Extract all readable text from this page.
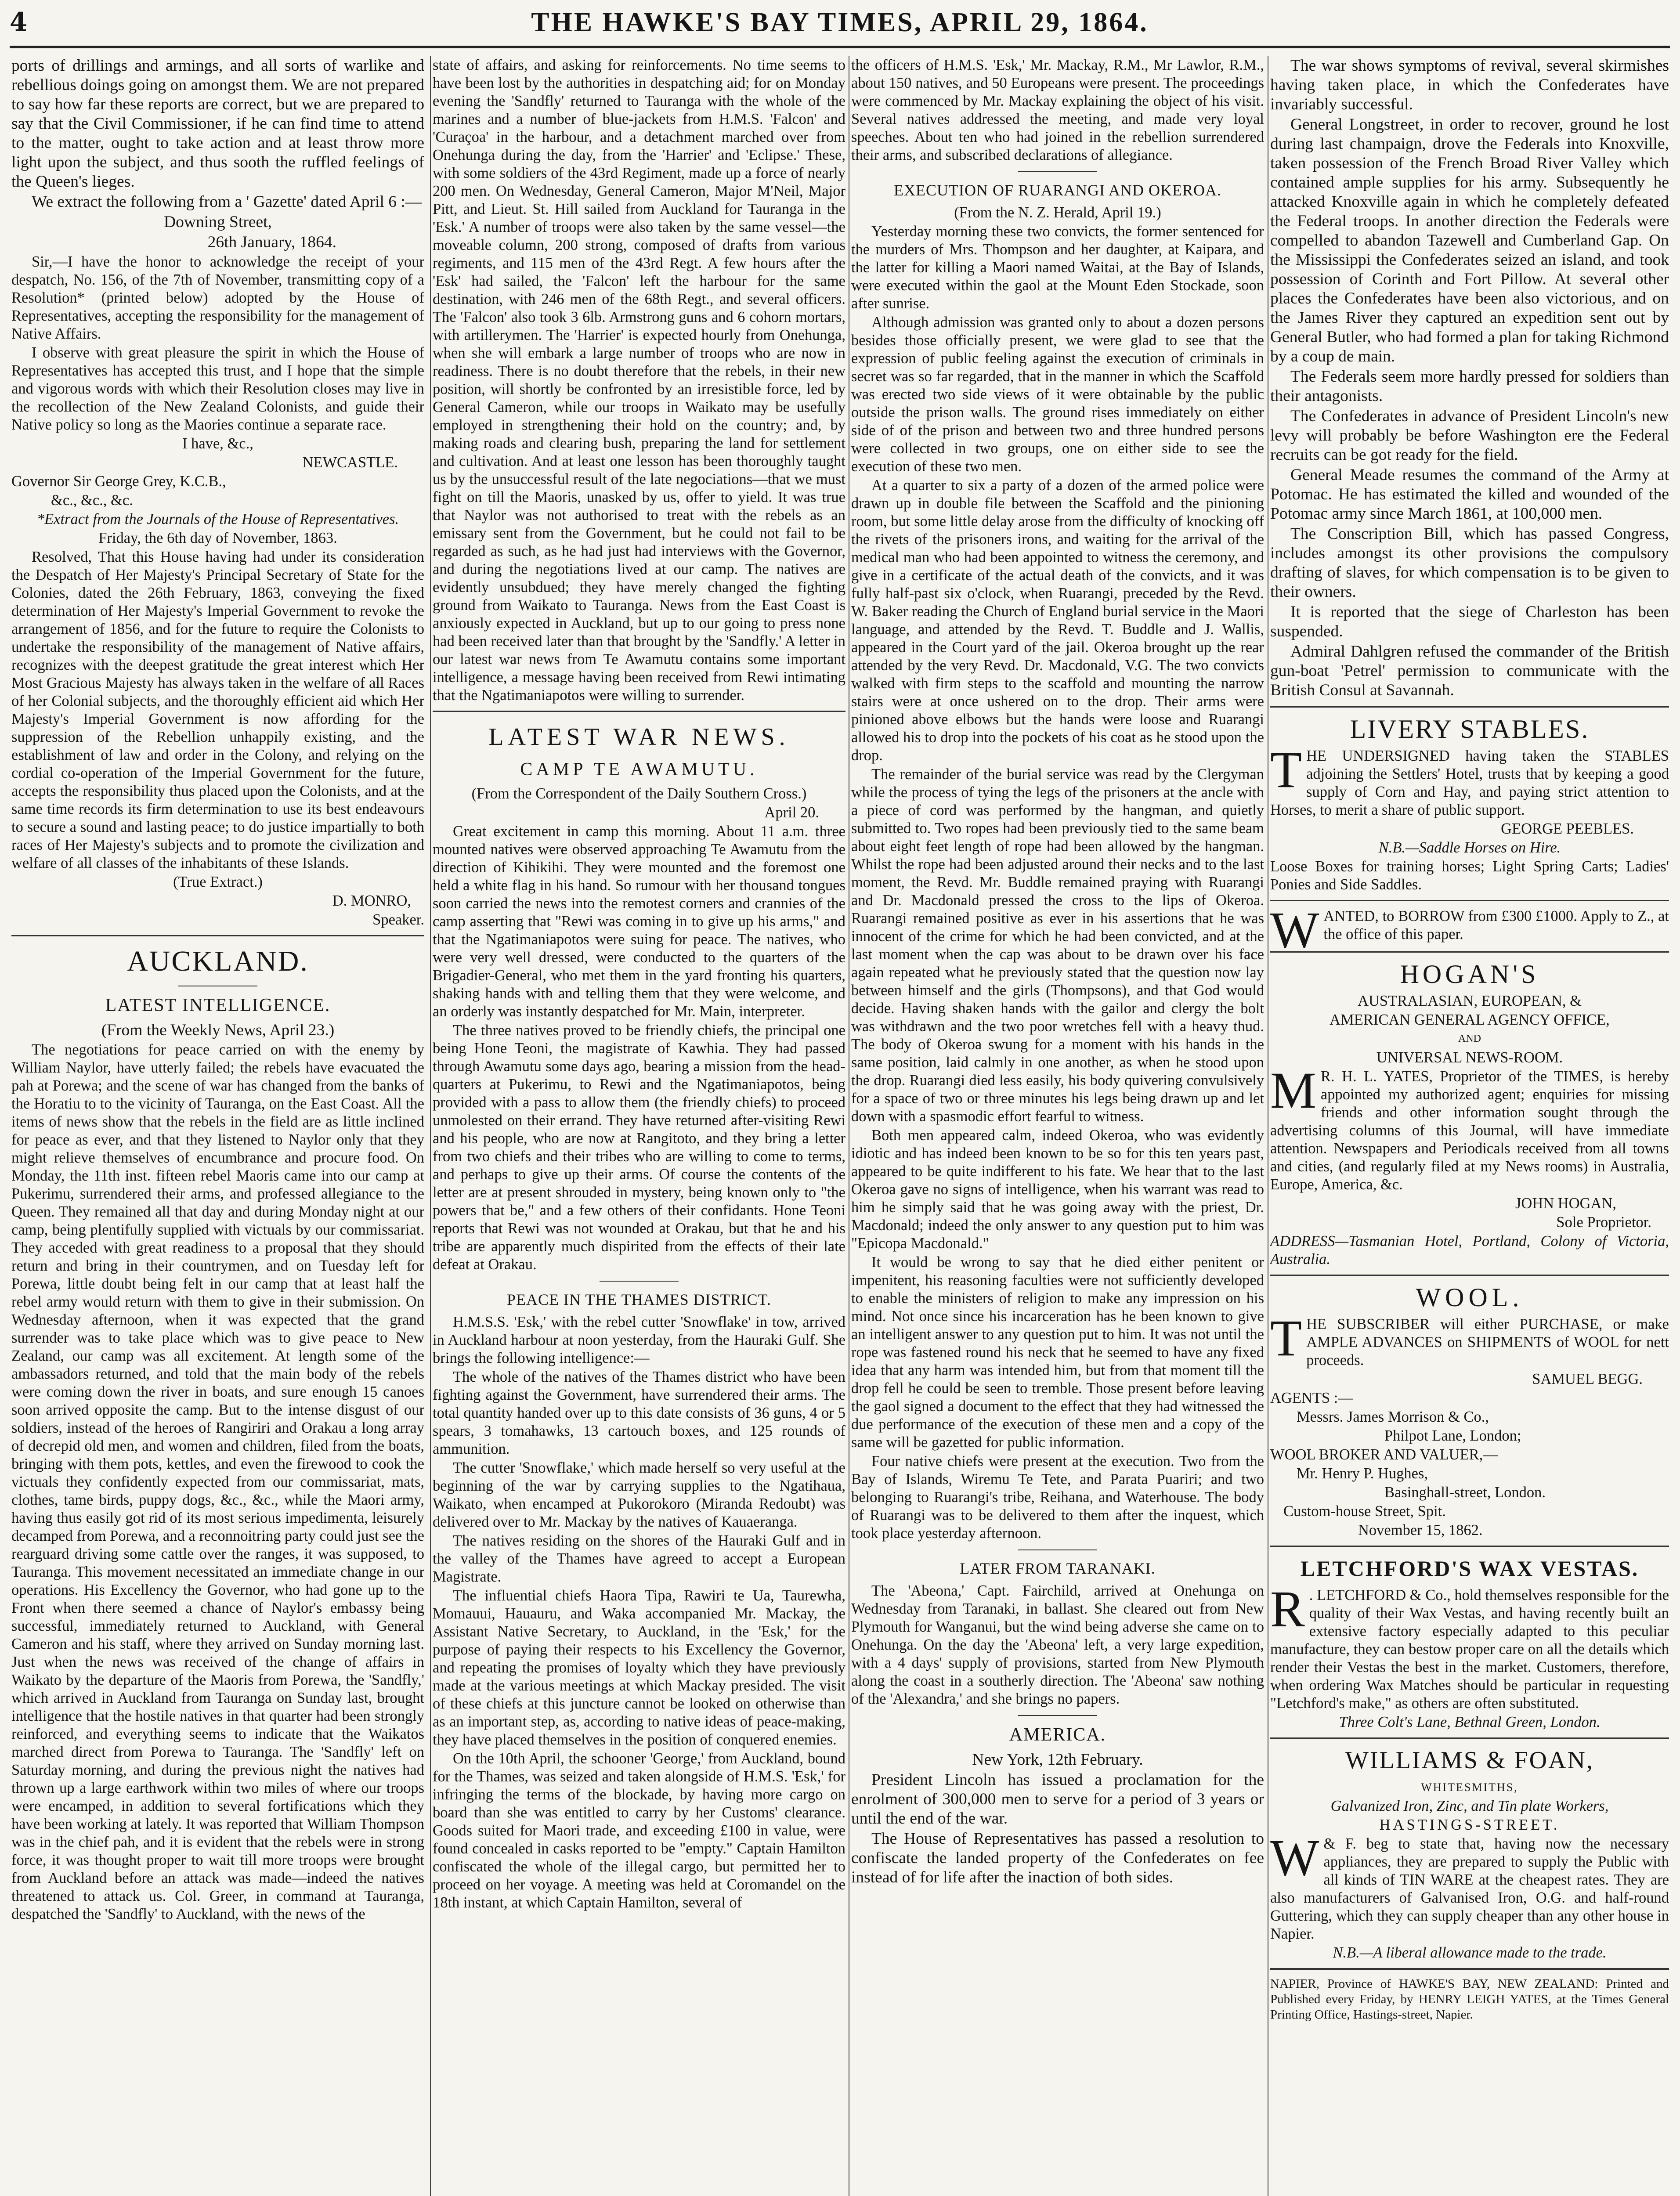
4	THE HAWKE'S BAY TIMES, APRIL 29, 1864.

ports of drillings and armings, and all sorts of warlike and rebellious doings going on amongst them. We are not prepared to say how far these reports are correct, but we are prepared to say that the Civil Commissioner, if he can find time to attend to the matter, ought to take action and at least throw more light upon the subject, and thus sooth the ruffled feelings of the Queen's lieges.

We extract the following from a ' Gazette' dated April 6 :—

Downing Street,

26th January, 1864.

Sir,—I have the honor to acknowledge the receipt of your despatch, No. 156, of the 7th of November, transmitting copy of a Resolution* (printed below) adopted by the House of Representatives, accepting the responsibility for the management of Native Affairs.

I observe with great pleasure the spirit in which the House of Representatives has accepted this trust, and I hope that the simple and vigorous words with which their Resolution closes may live in the recollection of the New Zealand Colonists, and guide their Native policy so long as the Maories continue a separate race.

I have, &c.,

NEWCASTLE.

Governor Sir George Grey, K.C.B.,

&c., &c., &c.

*Extract from the Journals of the House of Representatives.

Friday, the 6th day of November, 1863.

Resolved, That this House having had under its consideration the Despatch of Her Majesty's Principal Secretary of State for the Colonies, dated the 26th February, 1863, conveying the fixed determination of Her Majesty's Imperial Government to revoke the arrangement of 1856, and for the future to require the Colonists to undertake the responsibility of the management of Native affairs, recognizes with the deepest gratitude the great interest which Her Most Gracious Majesty has always taken in the welfare of all Races of her Colonial subjects, and the thoroughly efficient aid which Her Majesty's Imperial Government is now affording for the suppression of the Rebellion unhappily existing, and the establishment of law and order in the Colony, and relying on the cordial co-operation of the Imperial Government for the future, accepts the responsibility thus placed upon the Colonists, and at the same time records its firm determination to use its best endeavours to secure a sound and lasting peace; to do justice impartially to both races of Her Majesty's subjects and to promote the civilization and welfare of all classes of the inhabitants of these Islands.

(True Extract.)

D. MONRO,

Speaker.

AUCKLAND.
LATEST INTELLIGENCE.

(From the Weekly News, April 23.)

The negotiations for peace carried on with the enemy by William Naylor, have utterly failed; the rebels have evacuated the pah at Porewa; and the scene of war has changed from the banks of the Horatiu to to the vicinity of Tauranga, on the East Coast. All the items of news show that the rebels in the field are as little inclined for peace as ever, and that they listened to Naylor only that they might relieve themselves of encumbrance and procure food. On Monday, the 11th inst. fifteen rebel Maoris came into our camp at Pukerimu, surrendered their arms, and professed allegiance to the Queen. They remained all that day and during Monday night at our camp, being plentifully supplied with victuals by our commissariat. They acceded with great readiness to a proposal that they should return and bring in their countrymen, and on Tuesday left for Porewa, little doubt being felt in our camp that at least half the rebel army would return with them to give in their submission. On Wednesday afternoon, when it was expected that the grand surrender was to take place which was to give peace to New Zealand, our camp was all excitement. At length some of the ambassadors returned, and told that the main body of the rebels were coming down the river in boats, and sure enough 15 canoes soon arrived opposite the camp. But to the intense disgust of our soldiers, instead of the heroes of Rangiriri and Orakau a long array of decrepid old men, and women and children, filed from the boats, bringing with them pots, kettles, and even the firewood to cook the victuals they confidently expected from our commissariat, mats, clothes, tame birds, puppy dogs, &c., &c., while the Maori army, having thus easily got rid of its most serious impedimenta, leisurely decamped from Porewa, and a reconnoitring party could just see the rearguard driving some cattle over the ranges, it was supposed, to Tauranga. This movement necessitated an immediate change in our operations. His Excellency the Governor, who had gone up to the Front when there seemed a chance of Naylor's embassy being successful, immediately returned to Auckland, with General Cameron and his staff, where they arrived on Sunday morning last. Just when the news was received of the change of affairs in Waikato by the departure of the Maoris from Porewa, the 'Sandfly,' which arrived in Auckland from Tauranga on Sunday last, brought intelligence that the hostile natives in that quarter had been strongly reinforced, and everything seems to indicate that the Waikatos marched direct from Porewa to Tauranga. The 'Sandfly' left on Saturday morning, and during the previous night the natives had thrown up a large earthwork within two miles of where our troops were encamped, in addition to several fortifications which they have been working at lately. It was reported that William Thompson was in the chief pah, and it is evident that the rebels were in strong force, it was thought proper to wait till more troops were brought from Auckland before an attack was made—indeed the natives threatened to attack us. Col. Greer, in command at Tauranga, despatched the 'Sandfly' to Auckland, with the news of the

state of affairs, and asking for reinforcements. No time seems to have been lost by the authorities in despatching aid; for on Monday evening the 'Sandfly' returned to Tauranga with the whole of the marines and a number of blue-jackets from H.M.S. 'Falcon' and 'Curaçoa' in the harbour, and a detachment marched over from Onehunga during the day, from the 'Harrier' and 'Eclipse.' These, with some soldiers of the 43rd Regiment, made up a force of nearly 200 men. On Wednesday, General Cameron, Major M'Neil, Major Pitt, and Lieut. St. Hill sailed from Auckland for Tauranga in the 'Esk.' A number of troops were also taken by the same vessel—the moveable column, 200 strong, composed of drafts from various regiments, and 115 men of the 43rd Regt. A few hours after the 'Esk' had sailed, the 'Falcon' left the harbour for the same destination, with 246 men of the 68th Regt., and several officers. The 'Falcon' also took 3 6lb. Armstrong guns and 6 cohorn mortars, with artillerymen. The 'Harrier' is expected hourly from Onehunga, when she will embark a large number of troops who are now in readiness. There is no doubt therefore that the rebels, in their new position, will shortly be confronted by an irresistible force, led by General Cameron, while our troops in Waikato may be usefully employed in strengthening their hold on the country; and, by making roads and clearing bush, preparing the land for settlement and cultivation. And at least one lesson has been thoroughly taught us by the unsuccessful result of the late negociations—that we must fight on till the Maoris, unasked by us, offer to yield. It was true that Naylor was not authorised to treat with the rebels as an emissary sent from the Government, but he could not fail to be regarded as such, as he had just had interviews with the Governor, and during the negotiations lived at our camp. The natives are evidently unsubdued; they have merely changed the fighting ground from Waikato to Tauranga. News from the East Coast is anxiously expected in Auckland, but up to our going to press none had been received later than that brought by the 'Sandfly.' A letter in our latest war news from Te Awamutu contains some important intelligence, a message having been received from Rewi intimating that the Ngatimaniapotos were willing to surrender.

LATEST WAR NEWS.
CAMP TE AWAMUTU.

(From the Correspondent of the Daily Southern Cross.)

April 20.

Great excitement in camp this morning. About 11 a.m. three mounted natives were observed approaching Te Awamutu from the direction of Kihikihi. They were mounted and the foremost one held a white flag in his hand. So rumour with her thousand tongues soon carried the news into the remotest corners and crannies of the camp asserting that "Rewi was coming in to give up his arms," and that the Ngatimaniapotos were suing for peace. The natives, who were very well dressed, were conducted to the quarters of the Brigadier-General, who met them in the yard fronting his quarters, shaking hands with and telling them that they were welcome, and an orderly was instantly despatched for Mr. Main, interpreter.

The three natives proved to be friendly chiefs, the principal one being Hone Teoni, the magistrate of Kawhia. They had passed through Awamutu some days ago, bearing a mission from the head-quarters at Pukerimu, to Rewi and the Ngatimaniapotos, being provided with a pass to allow them (the friendly chiefs) to proceed unmolested on their errand. They have returned after-visiting Rewi and his people, who are now at Rangitoto, and they bring a letter from two chiefs and their tribes who are willing to come to terms, and perhaps to give up their arms. Of course the contents of the letter are at present shrouded in mystery, being known only to "the powers that be," and a few others of their confidants. Hone Teoni reports that Rewi was not wounded at Orakau, but that he and his tribe are apparently much dispirited from the effects of their late defeat at Orakau.

PEACE IN THE THAMES DISTRICT.

H.M.S.S. 'Esk,' with the rebel cutter 'Snowflake' in tow, arrived in Auckland harbour at noon yesterday, from the Hauraki Gulf. She brings the following intelligence:—

The whole of the natives of the Thames district who have been fighting against the Government, have surrendered their arms. The total quantity handed over up to this date consists of 36 guns, 4 or 5 spears, 3 tomahawks, 13 cartouch boxes, and 125 rounds of ammunition.

The cutter 'Snowflake,' which made herself so very useful at the beginning of the war by carrying supplies to the Ngatihaua, Waikato, when encamped at Pukorokoro (Miranda Redoubt) was delivered over to Mr. Mackay by the natives of Kauaeranga.

The natives residing on the shores of the Hauraki Gulf and in the valley of the Thames have agreed to accept a European Magistrate.

The influential chiefs Haora Tipa, Rawiri te Ua, Taurewha, Momauui, Hauauru, and Waka accompanied Mr. Mackay, the Assistant Native Secretary, to Auckland, in the 'Esk,' for the purpose of paying their respects to his Excellency the Governor, and repeating the promises of loyalty which they have previously made at the various meetings at which Mackay presided. The visit of these chiefs at this juncture cannot be looked on otherwise than as an important step, as, according to native ideas of peace-making, they have placed themselves in the position of conquered enemies.

On the 10th April, the schooner 'George,' from Auckland, bound for the Thames, was seized and taken alongside of H.M.S. 'Esk,' for infringing the terms of the blockade, by having more cargo on board than she was entitled to carry by her Customs' clearance. Goods suited for Maori trade, and exceeding £100 in value, were found concealed in casks reported to be "empty." Captain Hamilton confiscated the whole of the illegal cargo, but permitted her to proceed on her voyage. A meeting was held at Coromandel on the 18th instant, at which Captain Hamilton, several of

the officers of H.M.S. 'Esk,' Mr. Mackay, R.M., Mr Lawlor, R.M., about 150 natives, and 50 Europeans were present. The proceedings were commenced by Mr. Mackay explaining the object of his visit. Several natives addressed the meeting, and made very loyal speeches. About ten who had joined in the rebellion surrendered their arms, and subscribed declarations of allegiance.

EXECUTION OF RUARANGI AND OKEROA.

(From the N. Z. Herald, April 19.)

Yesterday morning these two convicts, the former sentenced for the murders of Mrs. Thompson and her daughter, at Kaipara, and the latter for killing a Maori named Waitai, at the Bay of Islands, were executed within the gaol at the Mount Eden Stockade, soon after sunrise.

Although admission was granted only to about a dozen persons besides those officially present, we were glad to see that the expression of public feeling against the execution of criminals in secret was so far regarded, that in the manner in which the Scaffold was erected two side views of it were obtainable by the public outside the prison walls. The ground rises immediately on either side of of the prison and between two and three hundred persons were collected in two groups, one on either side to see the execution of these two men.

At a quarter to six a party of a dozen of the armed police were drawn up in double file between the Scaffold and the pinioning room, but some little delay arose from the difficulty of knocking off the rivets of the prisoners irons, and waiting for the arrival of the medical man who had been appointed to witness the ceremony, and give in a certificate of the actual death of the convicts, and it was fully half-past six o'clock, when Ruarangi, preceded by the Revd. W. Baker reading the Church of England burial service in the Maori language, and attended by the Revd. T. Buddle and J. Wallis, appeared in the Court yard of the jail. Okeroa brought up the rear attended by the very Revd. Dr. Macdonald, V.G. The two convicts walked with firm steps to the scaffold and mounting the narrow stairs were at once ushered on to the drop. Their arms were pinioned above elbows but the hands were loose and Ruarangi allowed his to drop into the pockets of his coat as he stood upon the drop.

The remainder of the burial service was read by the Clergyman while the process of tying the legs of the prisoners at the ancle with a piece of cord was performed by the hangman, and quietly submitted to. Two ropes had been previously tied to the same beam about eight feet length of rope had been allowed by the hangman. Whilst the rope had been adjusted around their necks and to the last moment, the Revd. Mr. Buddle remained praying with Ruarangi and Dr. Macdonald pressed the cross to the lips of Okeroa. Ruarangi remained positive as ever in his assertions that he was innocent of the crime for which he had been convicted, and at the last moment when the cap was about to be drawn over his face again repeated what he previously stated that the question now lay between himself and the girls (Thompsons), and that God would decide. Having shaken hands with the gailor and clergy the bolt was withdrawn and the two poor wretches fell with a heavy thud. The body of Okeroa swung for a moment with his hands in the same position, laid calmly in one another, as when he stood upon the drop. Ruarangi died less easily, his body quivering convulsively for a space of two or three minutes his legs being drawn up and let down with a spasmodic effort fearful to witness.

Both men appeared calm, indeed Okeroa, who was evidently idiotic and has indeed been known to be so for this ten years past, appeared to be quite indifferent to his fate. We hear that to the last Okeroa gave no signs of intelligence, when his warrant was read to him he simply said that he was going away with the priest, Dr. Macdonald; indeed the only answer to any question put to him was "Epicopa Macdonald."

It would be wrong to say that he died either penitent or impenitent, his reasoning faculties were not sufficiently developed to enable the ministers of religion to make any impression on his mind. Not once since his incarceration has he been known to give an intelligent answer to any question put to him. It was not until the rope was fastened round his neck that he seemed to have any fixed idea that any harm was intended him, but from that moment till the drop fell he could be seen to tremble. Those present before leaving the gaol signed a document to the effect that they had witnessed the due performance of the execution of these men and a copy of the same will be gazetted for public information.

Four native chiefs were present at the execution. Two from the Bay of Islands, Wiremu Te Tete, and Parata Puariri; and two belonging to Ruarangi's tribe, Reihana, and Waterhouse. The body of Ruarangi was to be delivered to them after the inquest, which took place yesterday afternoon.

LATER FROM TARANAKI.

The 'Abeona,' Capt. Fairchild, arrived at Onehunga on Wednesday from Taranaki, in ballast. She cleared out from New Plymouth for Wanganui, but the wind being adverse she came on to Onehunga. On the day the 'Abeona' left, a very large expedition, with a 4 days' supply of provisions, started from New Plymouth along the coast in a southerly direction. The 'Abeona' saw nothing of the 'Alexandra,' and she brings no papers.

AMERICA.

New York, 12th February.

President Lincoln has issued a proclamation for the enrolment of 300,000 men to serve for a period of 3 years or until the end of the war.

The House of Representatives has passed a resolution to confiscate the landed property of the Confederates on fee instead of for life after the inaction of both sides.

The war shows symptoms of revival, several skirmishes having taken place, in which the Confederates have invariably successful.

General Longstreet, in order to recover, ground he lost during last champaign, drove the Federals into Knoxville, taken possession of the French Broad River Valley which contained ample supplies for his army. Subsequently he attacked Knoxville again in which he completely defeated the Federal troops. In another direction the Federals were compelled to abandon Tazewell and Cumberland Gap. On the Mississippi the Confederates seized an island, and took possession of Corinth and Fort Pillow. At several other places the Confederates have been also victorious, and on the James River they captured an expedition sent out by General Butler, who had formed a plan for taking Richmond by a coup de main.

The Federals seem more hardly pressed for soldiers than their antagonists.

The Confederates in advance of President Lincoln's new levy will probably be before Washington ere the Federal recruits can be got ready for the field.

General Meade resumes the command of the Army at Potomac. He has estimated the killed and wounded of the Potomac army since March 1861, at 100,000 men.

The Conscription Bill, which has passed Congress, includes amongst its other provisions the compulsory drafting of slaves, for which compensation is to be given to their owners.

It is reported that the siege of Charleston has been suspended.

Admiral Dahlgren refused the commander of the British gun-boat 'Petrel' permission to communicate with the British Consul at Savannah.

LIVERY STABLES.

THE UNDERSIGNED having taken the STABLES adjoining the Settlers' Hotel, trusts that by keeping a good supply of Corn and Hay, and paying strict attention to Horses, to merit a share of public support.

GEORGE PEEBLES.

N.B.—Saddle Horses on Hire.

Loose Boxes for training horses; Light Spring Carts; Ladies' Ponies and Side Saddles.

WANTED, to BORROW from £300 £1000. Apply to Z., at the office of this paper.

HOGAN'S

AUSTRALASIAN, EUROPEAN, &

AMERICAN GENERAL AGENCY OFFICE,

AND

UNIVERSAL NEWS-ROOM.

M R. H. L. YATES, Proprietor of the TIMES, is hereby appointed my authorized agent; enquiries for missing friends and other information sought through the advertising columns of this Journal, will have immediate attention. Newspapers and Periodicals received from all towns and cities, (and regularly filed at my News rooms) in Australia, Europe, America, &c.

JOHN HOGAN,

Sole Proprietor.

ADDRESS—Tasmanian Hotel, Portland, Colony of Victoria, Australia.

WOOL.

THE SUBSCRIBER will either PURCHASE, or make AMPLE ADVANCES on SHIPMENTS of WOOL for nett proceeds.

SAMUEL BEGG.

AGENTS :—

Messrs. James Morrison & Co.,

Philpot Lane, London;

WOOL BROKER AND VALUER,—

Mr. Henry P. Hughes,

Basinghall-street, London.

Custom-house Street, Spit.

November 15, 1862.

LETCHFORD'S WAX VESTAS.

R . LETCHFORD & Co., hold themselves responsible for the quality of their Wax Vestas, and having recently built an extensive factory especially adapted to this peculiar manufacture, they can bestow proper care on all the details which render their Vestas the best in the market. Customers, therefore, when ordering Wax Matches should be particular in requesting "Letchford's make," as others are often substituted.

Three Colt's Lane, Bethnal Green, London.

WILLIAMS & FOAN,

WHITESMITHS,

Galvanized Iron, Zinc, and Tin plate Workers,

HASTINGS-STREET.

W & F. beg to state that, having now the necessary appliances, they are prepared to supply the Public with all kinds of TIN WARE at the cheapest rates. They are also manufacturers of Galvanised Iron, O.G. and half-round Guttering, which they can supply cheaper than any other house in Napier.

N.B.—A liberal allowance made to the trade.

NAPIER, Province of HAWKE'S BAY, NEW ZEALAND: Printed and Published every Friday, by HENRY LEIGH YATES, at the Times General Printing Office, Hastings-street, Napier.
